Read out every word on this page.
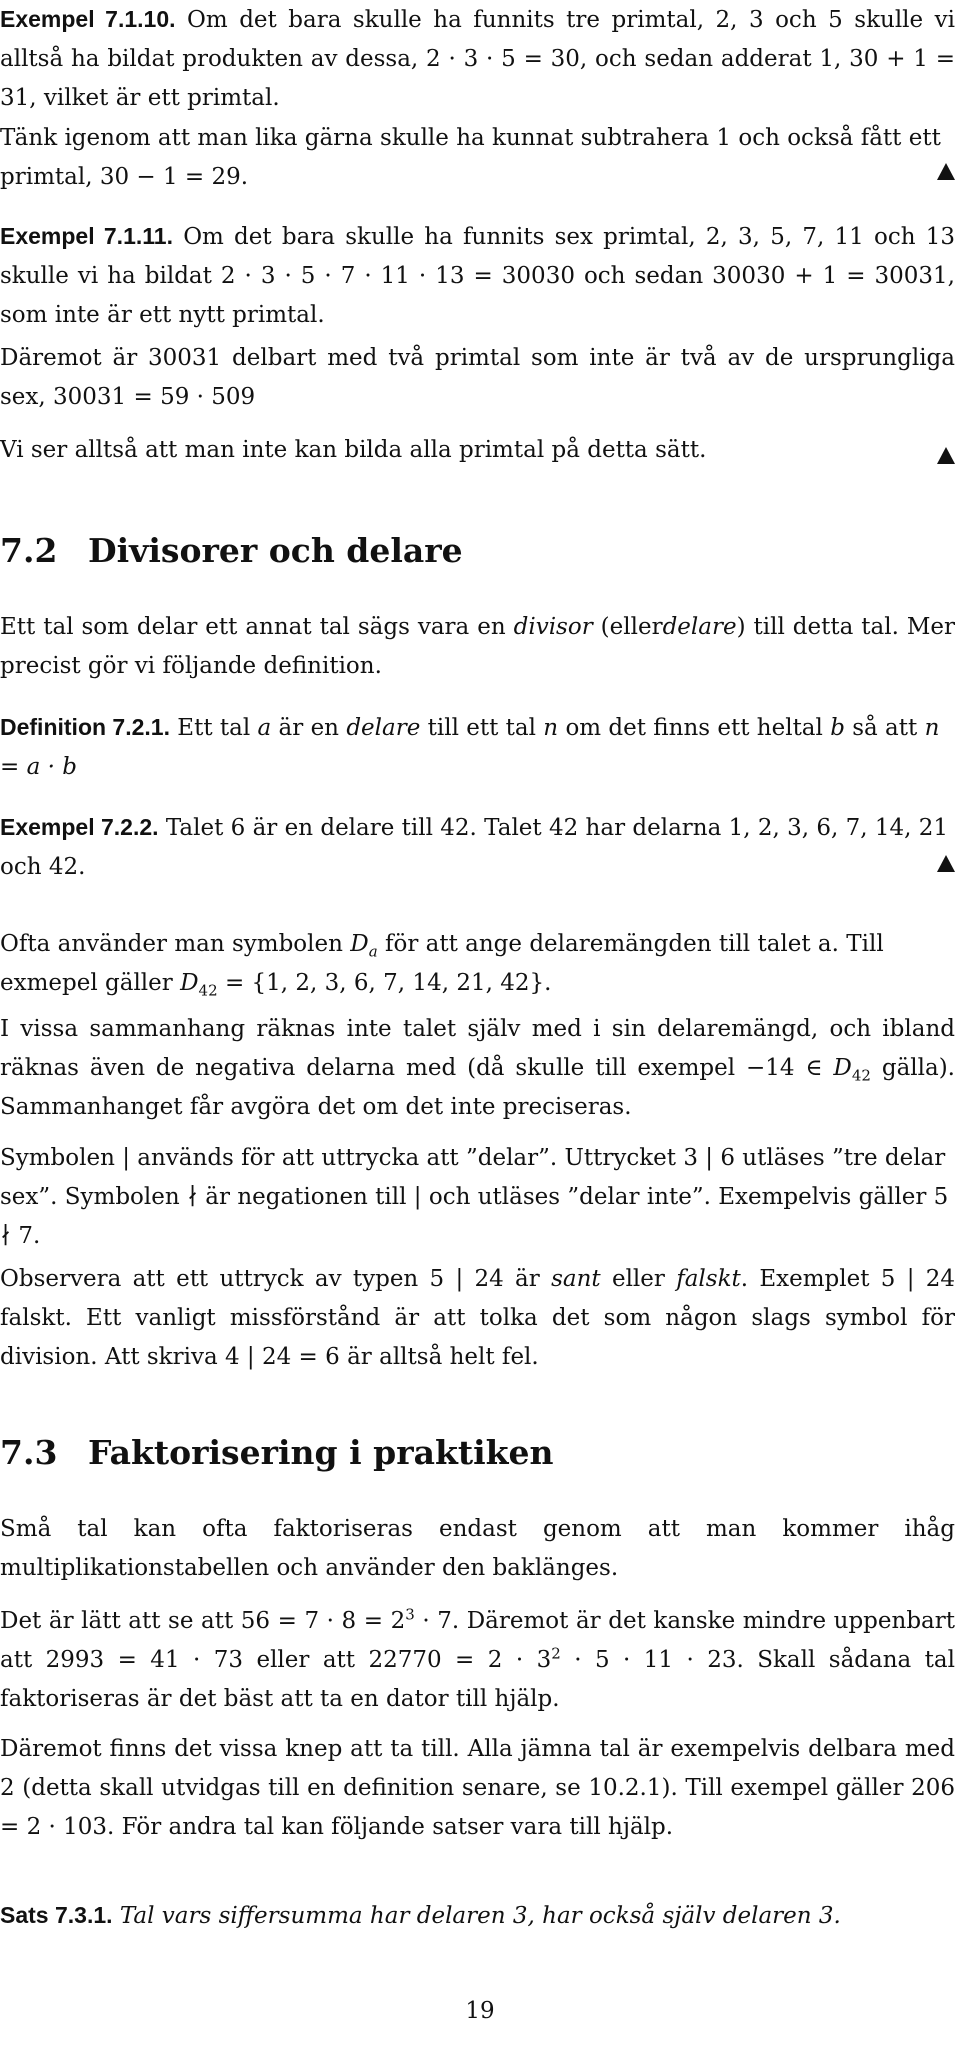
Exempel 7.1.10. Om det bara skulle ha funnits tre primtal, 2, 3 och 5 skulle vi alltså ha bildat produkten av dessa, 2 · 3 · 5 = 30, och sedan adderat 1, 30 + 1 = 31, vilket är ett primtal.

Tänk igenom att man lika gärna skulle ha kunnat subtrahera 1 och också fått ett primtal, 30 − 1 = 29.

Exempel 7.1.11. Om det bara skulle ha funnits sex primtal, 2, 3, 5, 7, 11 och 13 skulle vi ha bildat 2 · 3 · 5 · 7 · 11 · 13 = 30030 och sedan 30030 + 1 = 30031, som inte är ett nytt primtal.

Däremot är 30031 delbart med två primtal som inte är två av de ursprungliga sex, 30031 = 59 · 509

Vi ser alltså att man inte kan bilda alla primtal på detta sätt.

7.2 Divisorer och delare

Ett tal som delar ett annat tal sägs vara en divisor (ellerdelare) till detta tal. Mer precist gör vi följande definition.

Definition 7.2.1. Ett tal a är en delare till ett tal n om det finns ett heltal b så att n = a · b

Exempel 7.2.2. Talet 6 är en delare till 42. Talet 42 har delarna 1, 2, 3, 6, 7, 14, 21 och 42.

Ofta använder man symbolen $D_a$ för att ange delaremängden till talet a. Till exmepel gäller $D_{42} = \{1$, 2, 3, 6, 7, 14, 21, 42}.

I vissa sammanhang räknas inte talet själv med i sin delaremängd, och ibland räknas även de negativa delarna med (då skulle till exempel −14 ∈ $D_{42}$ gälla). Sammanhanget får avgöra det om det inte preciseras.

Symbolen | används för att uttrycka att ”delar”. Uttrycket 3 | 6 utläses ”tre delar sex”. Symbolen ∤ är negationen till | och utläses ”delar inte”. Exempelvis gäller 5 ∤ 7.

Observera att ett uttryck av typen 5 | 24 är sant eller falskt. Exemplet 5 | 24 falskt. Ett vanligt missförstånd är att tolka det som någon slags symbol för division. Att skriva 4 | 24 = 6 är alltså helt fel.

7.3 Faktorisering i praktiken

Små tal kan ofta faktoriseras endast genom att man kommer ihåg multiplikationstabellen och använder den baklänges.

Det är lätt att se att $56 = 7 \cdot 8 = 2^3 \cdot 7$. Däremot är det kanske mindre uppenbart att 2993 = 41 · 73 eller att $22770 = 2 \cdot 3^2 \cdot 5 \cdot 11 \cdot 23$. Skall sådana tal faktoriseras är det bäst att ta en dator till hjälp.

Däremot finns det vissa knep att ta till. Alla jämna tal är exempelvis delbara med 2 (detta skall utvidgas till en definition senare, se 10.2.1). Till exempel gäller 206 = 2 · 103. För andra tal kan följande satser vara till hjälp.

Sats 7.3.1. Tal vars siffersumma har delaren 3, har också själv delaren 3.

19
